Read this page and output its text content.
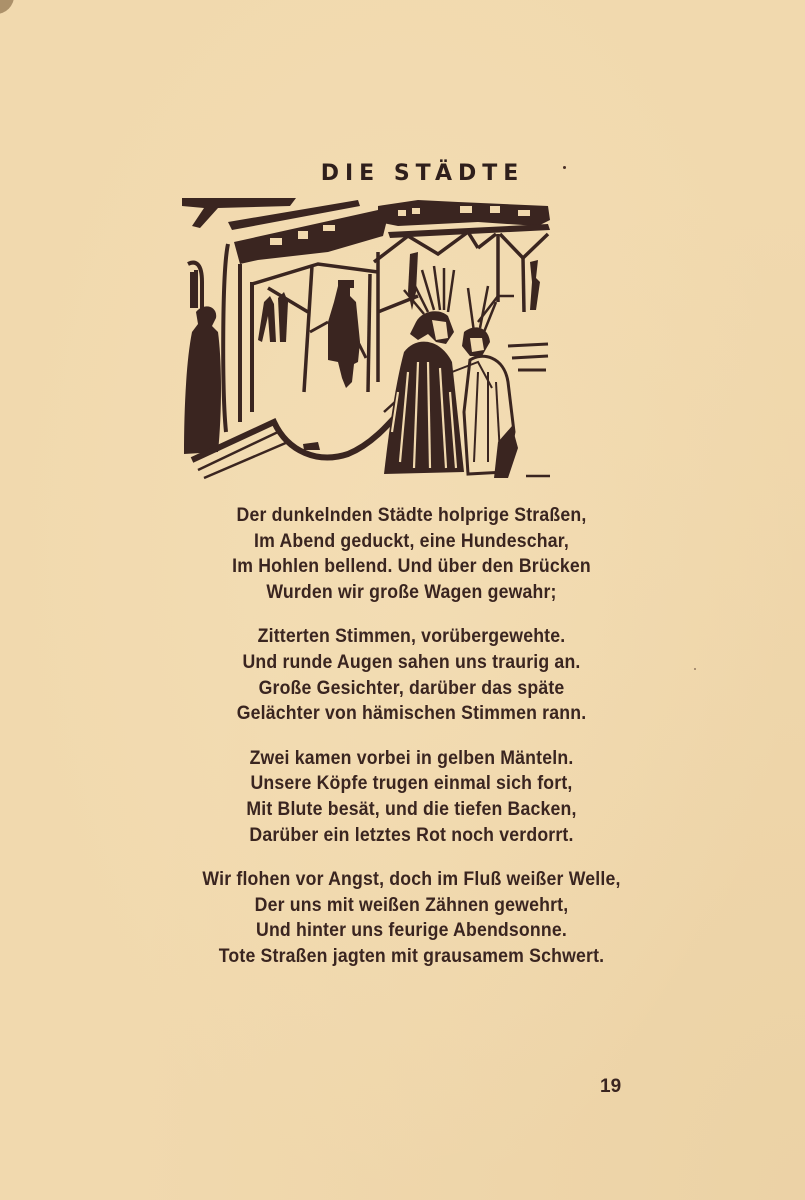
DIE STÄDTE
Der dunkelnden Städte holprige Straßen,
Im Abend geduckt, eine Hundeschar,
Im Hohlen bellend. Und über den Brücken
Wurden wir große Wagen gewahr;
Zitterten Stimmen, vorübergewehte.
Und runde Augen sahen uns traurig an.
Große Gesichter, darüber das späte
Gelächter von hämischen Stimmen rann.
Zwei kamen vorbei in gelben Mänteln.
Unsere Köpfe trugen einmal sich fort,
Mit Blute besät, und die tiefen Backen,
Darüber ein letztes Rot noch verdorrt.
Wir flohen vor Angst, doch im Fluß weißer Welle,
Der uns mit weißen Zähnen gewehrt,
Und hinter uns feurige Abendsonne.
Tote Straßen jagten mit grausamem Schwert.
19
